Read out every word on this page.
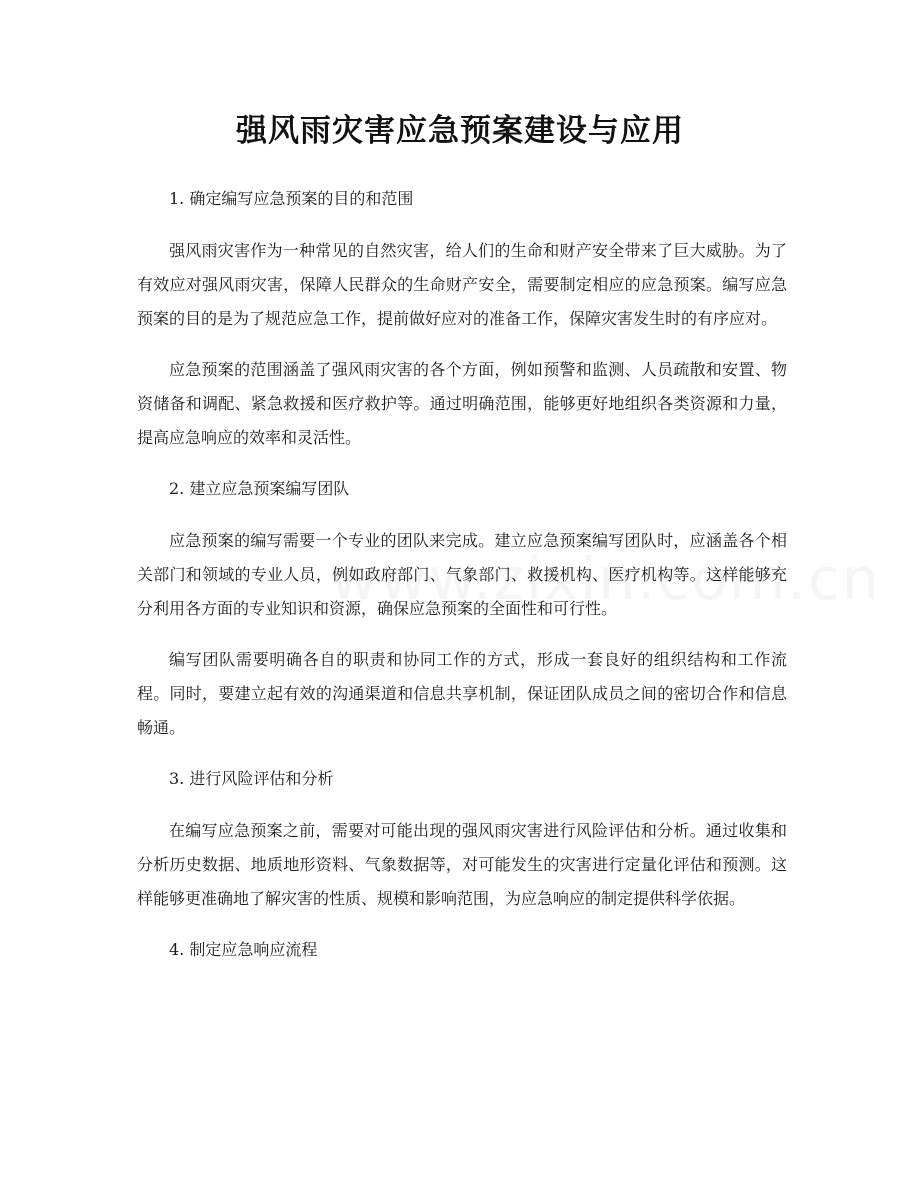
强风雨灾害应急预案建设与应用

1. 确定编写应急预案的目的和范围

强风雨灾害作为一种常见的自然灾害，给人们的生命和财产安全带来了巨大威胁。为了有效应对强风雨灾害，保障人民群众的生命财产安全，需要制定相应的应急预案。编写应急预案的目的是为了规范应急工作，提前做好应对的准备工作，保障灾害发生时的有序应对。

应急预案的范围涵盖了强风雨灾害的各个方面，例如预警和监测、人员疏散和安置、物资储备和调配、紧急救援和医疗救护等。通过明确范围，能够更好地组织各类资源和力量，提高应急响应的效率和灵活性。

2. 建立应急预案编写团队

应急预案的编写需要一个专业的团队来完成。建立应急预案编写团队时，应涵盖各个相关部门和领域的专业人员，例如政府部门、气象部门、救援机构、医疗机构等。这样能够充分利用各方面的专业知识和资源，确保应急预案的全面性和可行性。

编写团队需要明确各自的职责和协同工作的方式，形成一套良好的组织结构和工作流程。同时，要建立起有效的沟通渠道和信息共享机制，保证团队成员之间的密切合作和信息畅通。

3. 进行风险评估和分析

在编写应急预案之前，需要对可能出现的强风雨灾害进行风险评估和分析。通过收集和分析历史数据、地质地形资料、气象数据等，对可能发生的灾害进行定量化评估和预测。这样能够更准确地了解灾害的性质、规模和影响范围，为应急响应的制定提供科学依据。

4. 制定应急响应流程
